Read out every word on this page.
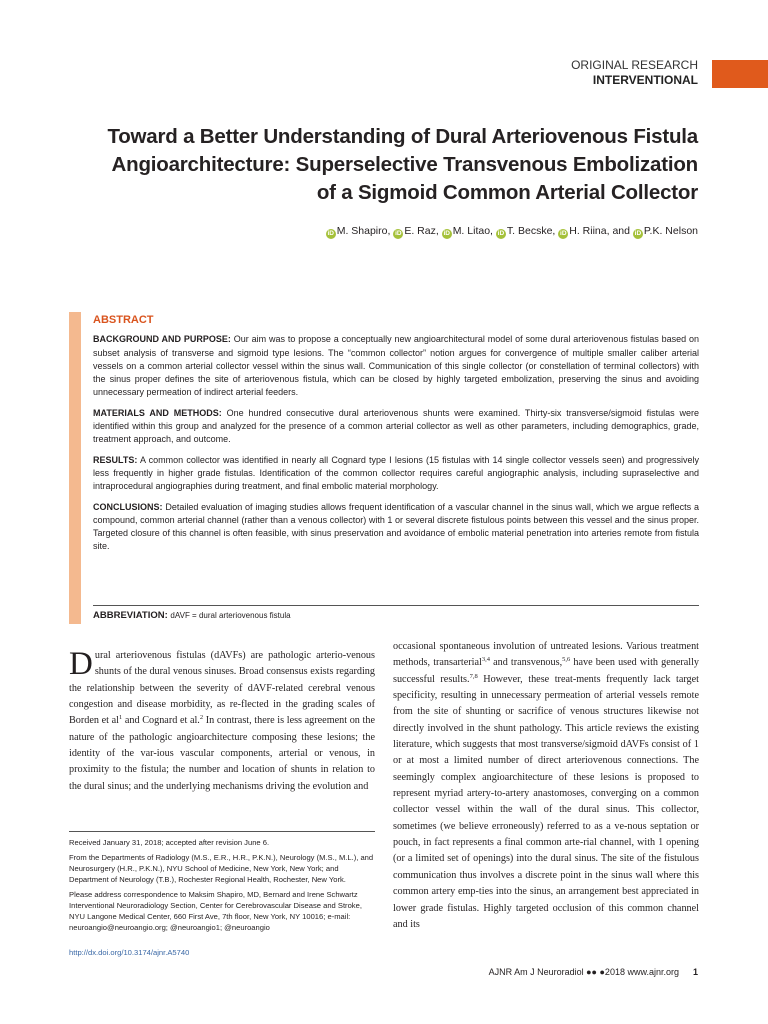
ORIGINAL RESEARCH
INTERVENTIONAL
Toward a Better Understanding of Dural Arteriovenous Fistula
Angioarchitecture: Superselective Transvenous Embolization
of a Sigmoid Common Arterial Collector
iD M. Shapiro, iD E. Raz, iD M. Litao, iD T. Becske, iD H. Riina, and iD P.K. Nelson
ABSTRACT

BACKGROUND AND PURPOSE: Our aim was to propose a conceptually new angioarchitectural model of some dural arteriovenous fistulas based on subset analysis of transverse and sigmoid type lesions. The “common collector” notion argues for convergence of multiple smaller caliber arterial vessels on a common arterial collector vessel within the sinus wall. Communication of this single collector (or constellation of terminal collectors) with the sinus proper defines the site of arteriovenous fistula, which can be closed by highly targeted embolization, preserving the sinus and avoiding unnecessary permeation of indirect arterial feeders.

MATERIALS AND METHODS: One hundred consecutive dural arteriovenous shunts were examined. Thirty-six transverse/sigmoid fistulas were identified within this group and analyzed for the presence of a common arterial collector as well as other parameters, including demographics, grade, treatment approach, and outcome.

RESULTS: A common collector was identified in nearly all Cognard type I lesions (15 fistulas with 14 single collector vessels seen) and progressively less frequently in higher grade fistulas. Identification of the common collector requires careful angiographic analysis, including supraselective and intraprocedural angiographies during treatment, and final embolic material morphology.

CONCLUSIONS: Detailed evaluation of imaging studies allows frequent identification of a vascular channel in the sinus wall, which we argue reflects a compound, common arterial channel (rather than a venous collector) with 1 or several discrete fistulous points between this vessel and the sinus proper. Targeted closure of this channel is often feasible, with sinus preservation and avoidance of embolic material penetration into arteries remote from fistula site.

ABBREVIATION: dAVF = dural arteriovenous fistula
Dural arteriovenous fistulas (dAVFs) are pathologic arterio-venous shunts of the dural venous sinuses. Broad consensus exists regarding the relationship between the severity of dAVF-related cerebral venous congestion and disease morbidity, as re-flected in the grading scales of Borden et $al^1$ and Cognard et al.$^2$ In contrast, there is less agreement on the nature of the pathologic angioarchitecture composing these lesions; the identity of the var-ious vascular components, arterial or venous, in proximity to the fistula; the number and location of shunts in relation to the dural sinus; and the underlying mechanisms driving the evolution and

Received January 31, 2018; accepted after revision June 6.

From the Departments of Radiology (M.S., E.R., H.R., P.K.N.), Neurology (M.S., M.L.), and Neurosurgery (H.R., P.K.N.), NYU School of Medicine, New York, New York; and Department of Neurology (T.B.), Rochester Regional Health, Rochester, New York.

Please address correspondence to Maksim Shapiro, MD, Bernard and Irene Schwartz Interventional Neuroradiology Section, Center for Cerebrovascular Disease and Stroke, NYU Langone Medical Center, 660 First Ave, 7th floor, New York, NY 10016; e-mail: neuroangio@neuroangio.org; @neuroangio1; @neuroangio

http://dx.doi.org/10.3174/ajnr.A5740
occasional spontaneous involution of untreated lesions. Various treatment methods, transarterial$^{3,4}$ and transvenous,$^{5,6}$ have been used with generally successful results.$^{7,8}$ However, these treat-ments frequently lack target specificity, resulting in unnecessary permeation of arterial vessels remote from the site of shunting or sacrifice of venous structures likewise not directly involved in the shunt pathology. This article reviews the existing literature, which suggests that most transverse/sigmoid dAVFs consist of 1 or at most a limited number of direct arteriovenous connections. The seemingly complex angioarchitecture of these lesions is proposed to represent myriad artery-to-artery anastomoses, converging on a common collector vessel within the wall of the dural sinus. This collector, sometimes (we believe erroneously) referred to as a ve-nous septation or pouch, in fact represents a final common arte-rial channel, with 1 opening (or a limited set of openings) into the dural sinus. The site of the fistulous communication thus involves a discrete point in the sinus wall where this common artery emp-ties into the sinus, an arrangement best appreciated in lower grade fistulas. Highly targeted occlusion of this common channel and its
AJNR Am J Neuroradiol ●● ●2018 www.ajnr.org 1
